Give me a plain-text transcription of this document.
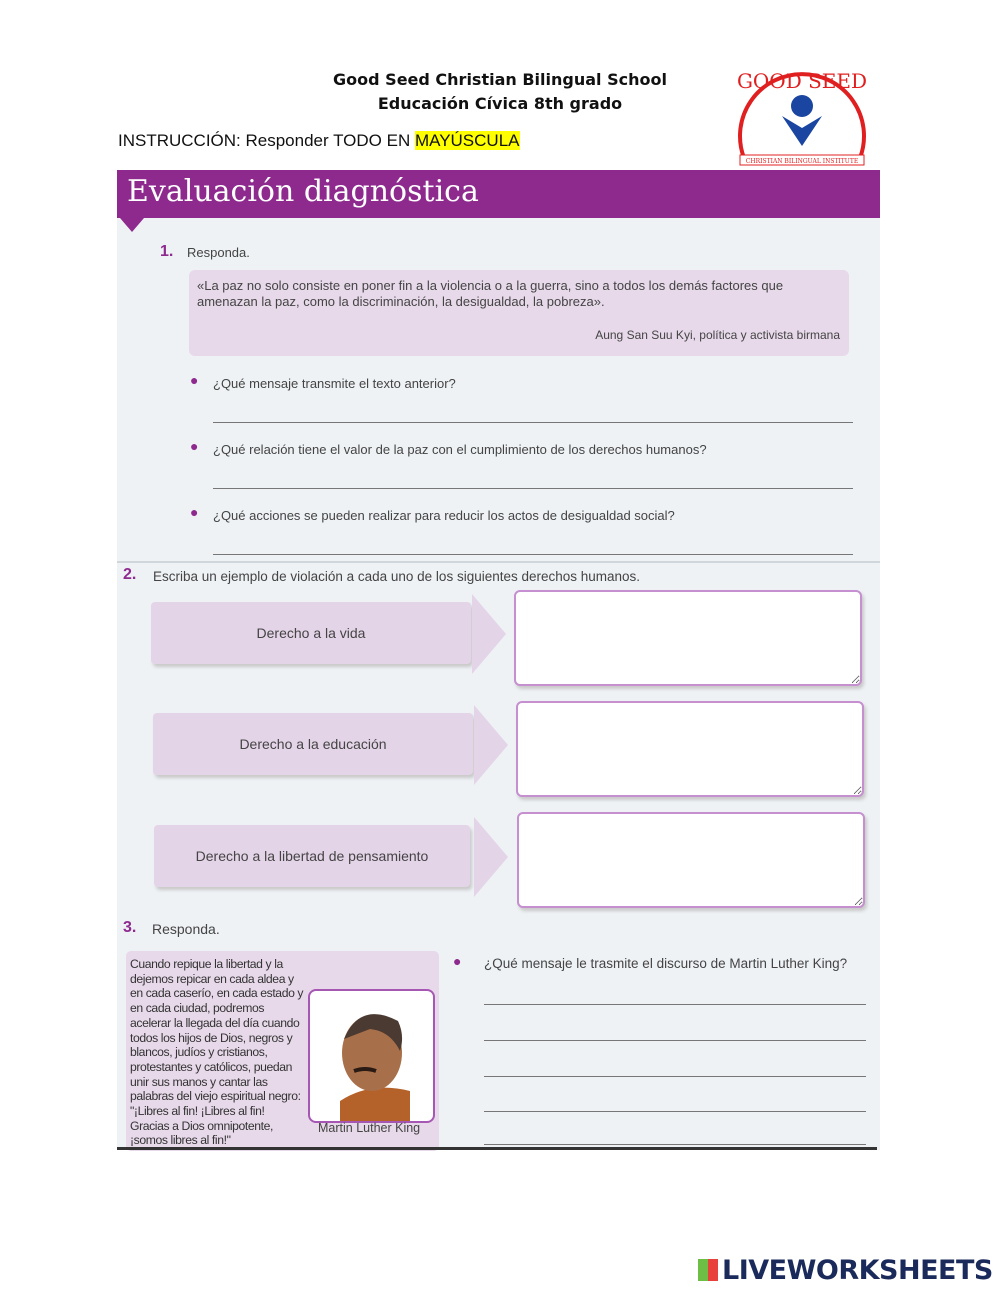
Good Seed Christian Bilingual School
Educación Cívica 8th grado
INSTRUCCIÓN: Responder TODO EN MAYÚSCULA
GOOD SEED
CHRISTIAN BILINGUAL INSTITUTE
Evaluación diagnóstica
1. Responda.
«La paz no solo consiste en poner fin a la violencia o a la guerra, sino a todos los demás factores que amenazan la paz, como la discriminación, la desigualdad, la pobreza».
Aung San Suu Kyi, política y activista birmana
● ¿Qué mensaje transmite el texto anterior?
● ¿Qué relación tiene el valor de la paz con el cumplimiento de los derechos humanos?
● ¿Qué acciones se pueden realizar para reducir los actos de desigualdad social?
2. Escriba un ejemplo de violación a cada uno de los siguientes derechos humanos.
Derecho a la vida
Derecho a la educación
Derecho a la libertad de pensamiento
3. Responda.
Cuando repique la libertad y la dejemos repicar en cada aldea y en cada caserío, en cada estado y en cada ciudad, podremos acelerar la llegada del día cuando todos los hijos de Dios, negros y blancos, judíos y cristianos, protestantes y católicos, puedan unir sus manos y cantar las palabras del viejo espiritual negro: "¡Libres al fin! ¡Libres al fin! Gracias a Dios omnipotente, ¡somos libres al fin!"
Martin Luther King
● ¿Qué mensaje le trasmite el discurso de Martin Luther King?
LIVEWORKSHEETS
